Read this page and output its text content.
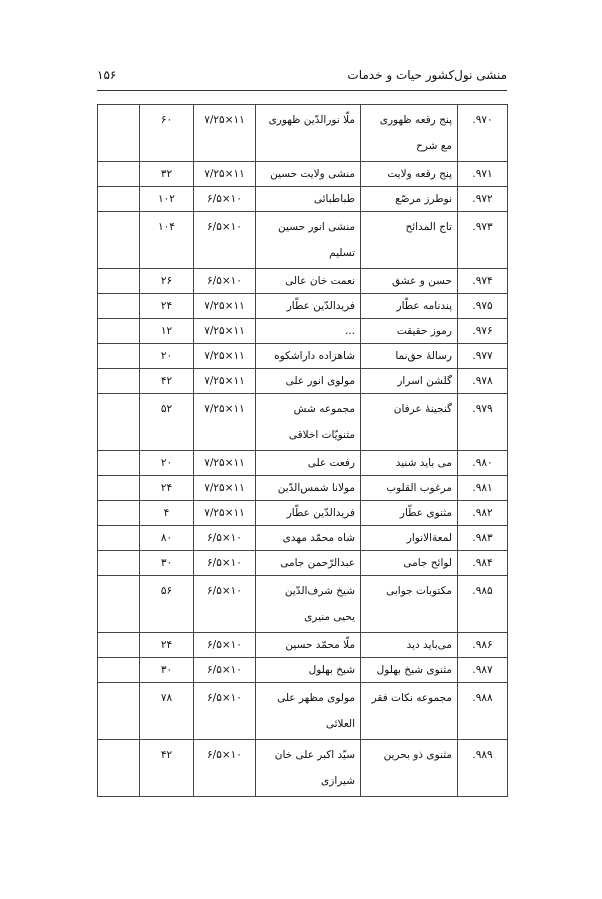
منشی نول‌کشور حیات و خدمات
۱۵۶
۹۷۰.	پنج رقعه ظهوری مع شرح	ملّا نورالدّین ظهوری	۱۱×۷/۲۵	۶۰	
۹۷۱.	پنج رقعه ولایت	منشی ولایت حسین	۱۱×۷/۲۵	۳۲	
۹۷۲.	نوطرز مرصّع	طباطبائی	۱۰×۶/۵	۱۰۲	
۹۷۳.	تاج المدائح	منشی انور حسین تسلیم	۱۰×۶/۵	۱۰۴	
۹۷۴.	حسن و عشق	نعمت خان عالی	۱۰×۶/۵	۲۶	
۹۷۵.	پندنامه عطّار	فریدالدّین عطّار	۱۱×۷/۲۵	۲۴	
۹۷۶.	رموز حقیقت	...	۱۱×۷/۲۵	۱۲	
۹۷۷.	رسالۀ حق‌نما	شاهزاده داراشکوه	۱۱×۷/۲۵	۲۰	
۹۷۸.	گلشن اسرار	مولوی انور علی	۱۱×۷/۲۵	۴۲	
۹۷۹.	گنجینۀ عرفان	مجموعه شش مثنویّات اخلاقی	۱۱×۷/۲۵	۵۲	
۹۸۰.	می باید شنید	رفعت علی	۱۱×۷/۲۵	۲۰	
۹۸۱.	مرغوب القلوب	مولانا شمس‌الدّین	۱۱×۷/۲۵	۲۴	
۹۸۲.	مثنوی عطّار	فریدالدّین عطّار	۱۱×۷/۲۵	۴	
۹۸۳.	لمعةالانوار	شاه محمّد مهدی	۱۰×۶/۵	۸۰	
۹۸۴.	لوائح جامی	عبدالرّحمن جامی	۱۰×۶/۵	۳۰	
۹۸۵.	مکتوبات جوابی	شیخ شرف‌الدّین یحیی منیری	۱۰×۶/۵	۵۶	
۹۸۶.	می‌باید دید	ملّا محمّد حسین	۱۰×۶/۵	۲۴	
۹۸۷.	مثنوی شیخ بهلول	شیخ بهلول	۱۰×۶/۵	۳۰	
۹۸۸.	مجموعه نکات فقر	مولوی مظهر علی العلائی	۱۰×۶/۵	۷۸	
۹۸۹.	مثنوی ذو بحرین	سیّد اکبر علی خان شیرازی	۱۰×۶/۵	۴۲	
